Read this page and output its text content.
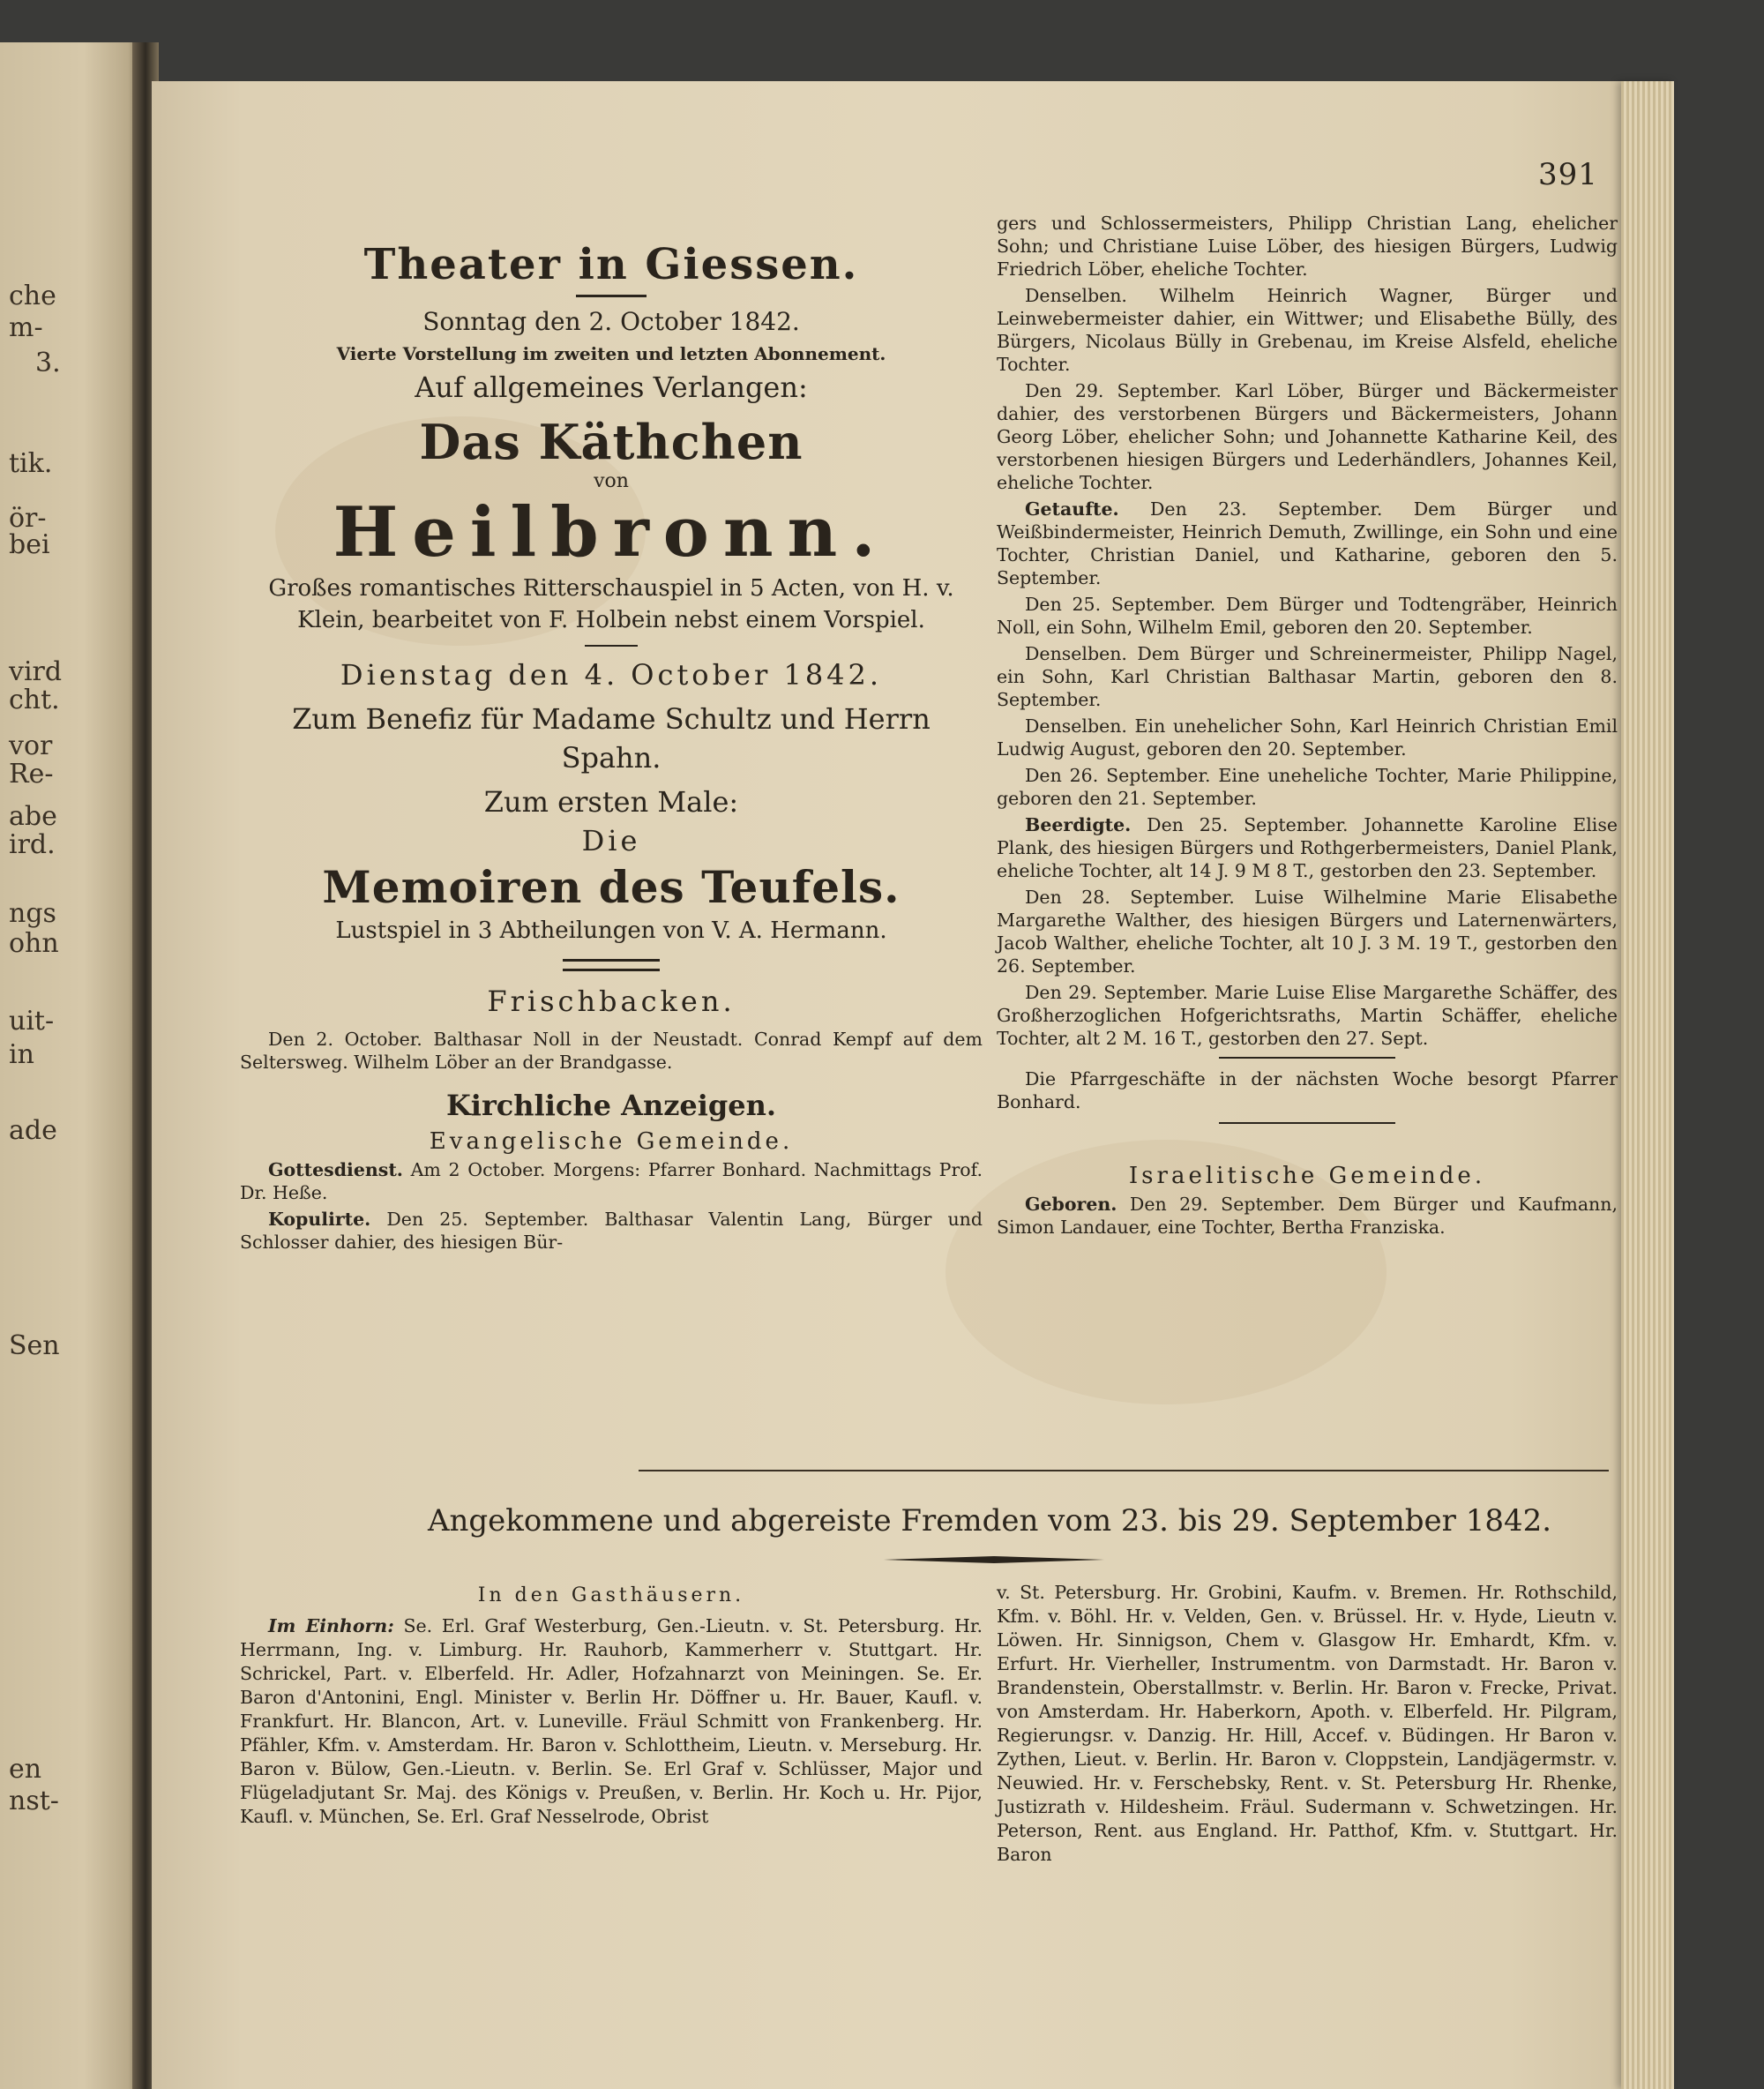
che
m-
3.
tik.
ör-
bei
vird
cht.
vor
Re-
abe
ird.
ngs
ohn
uit-
in
ade
Sen
en
nst-
391
Theater in Giessen.
Sonntag den 2. October 1842.
Vierte Vorstellung im zweiten und letzten Abonnement.
Auf allgemeines Verlangen:
Das Käthchen
von
Heilbronn.
Großes romantisches Ritterschauspiel in 5 Acten, von H. v. Klein, bearbeitet von F. Holbein nebst einem Vorspiel.
Dienstag den 4. October 1842.
Zum Benefiz für Madame Schultz und Herrn Spahn.
Zum ersten Male:
Die
Memoiren des Teufels.
Lustspiel in 3 Abtheilungen von V. A. Hermann.
Frischbacken.

Den 2. October. Balthasar Noll in der Neustadt. Conrad Kempf auf dem Seltersweg. Wilhelm Löber an der Brandgasse.

Kirchliche Anzeigen.
Evangelische Gemeinde.

Gottesdienst. Am 2 October. Morgens: Pfarrer Bonhard. Nachmittags Prof. Dr. Heße.

Kopulirte. Den 25. September. Balthasar Valentin Lang, Bürger und Schlosser dahier, des hiesigen Bür-

gers und Schlossermeisters, Philipp Christian Lang, ehelicher Sohn; und Christiane Luise Löber, des hiesigen Bürgers, Ludwig Friedrich Löber, eheliche Tochter.

Denselben. Wilhelm Heinrich Wagner, Bürger und Leinwebermeister dahier, ein Wittwer; und Elisabethe Bülly, des Bürgers, Nicolaus Bülly in Grebenau, im Kreise Alsfeld, eheliche Tochter.

Den 29. September. Karl Löber, Bürger und Bäckermeister dahier, des verstorbenen Bürgers und Bäckermeisters, Johann Georg Löber, ehelicher Sohn; und Johannette Katharine Keil, des verstorbenen hiesigen Bürgers und Lederhändlers, Johannes Keil, eheliche Tochter.

Getaufte. Den 23. September. Dem Bürger und Weißbindermeister, Heinrich Demuth, Zwillinge, ein Sohn und eine Tochter, Christian Daniel, und Katharine, geboren den 5. September.

Den 25. September. Dem Bürger und Todtengräber, Heinrich Noll, ein Sohn, Wilhelm Emil, geboren den 20. September.

Denselben. Dem Bürger und Schreinermeister, Philipp Nagel, ein Sohn, Karl Christian Balthasar Martin, geboren den 8. September.

Denselben. Ein unehelicher Sohn, Karl Heinrich Christian Emil Ludwig August, geboren den 20. September.

Den 26. September. Eine uneheliche Tochter, Marie Philippine, geboren den 21. September.

Beerdigte. Den 25. September. Johannette Karoline Elise Plank, des hiesigen Bürgers und Rothgerbermeisters, Daniel Plank, eheliche Tochter, alt 14 J. 9 M 8 T., gestorben den 23. September.

Den 28. September. Luise Wilhelmine Marie Elisabethe Margarethe Walther, des hiesigen Bürgers und Laternenwärters, Jacob Walther, eheliche Tochter, alt 10 J. 3 M. 19 T., gestorben den 26. September.

Den 29. September. Marie Luise Elise Margarethe Schäffer, des Großherzoglichen Hofgerichtsraths, Martin Schäffer, eheliche Tochter, alt 2 M. 16 T., gestorben den 27. Sept.

Die Pfarrgeschäfte in der nächsten Woche besorgt Pfarrer Bonhard.

Israelitische Gemeinde.

Geboren. Den 29. September. Dem Bürger und Kaufmann, Simon Landauer, eine Tochter, Bertha Franziska.

Angekommene und abgereiste Fremden vom 23. bis 29. September 1842.
In den Gasthäusern.

Im Einhorn: Se. Erl. Graf Westerburg, Gen.-Lieutn. v. St. Petersburg. Hr. Herrmann, Ing. v. Limburg. Hr. Rauhorb, Kammerherr v. Stuttgart. Hr. Schrickel, Part. v. Elberfeld. Hr. Adler, Hofzahnarzt von Meiningen. Se. Er. Baron d'Antonini, Engl. Minister v. Berlin Hr. Döffner u. Hr. Bauer, Kaufl. v. Frankfurt. Hr. Blancon, Art. v. Luneville. Fräul Schmitt von Frankenberg. Hr. Pfähler, Kfm. v. Amsterdam. Hr. Baron v. Schlottheim, Lieutn. v. Merseburg. Hr. Baron v. Bülow, Gen.-Lieutn. v. Berlin. Se. Erl Graf v. Schlüsser, Major und Flügeladjutant Sr. Maj. des Königs v. Preußen, v. Berlin. Hr. Koch u. Hr. Pijor, Kaufl. v. München, Se. Erl. Graf Nesselrode, Obrist

v. St. Petersburg. Hr. Grobini, Kaufm. v. Bremen. Hr. Rothschild, Kfm. v. Böhl. Hr. v. Velden, Gen. v. Brüssel. Hr. v. Hyde, Lieutn v. Löwen. Hr. Sinnigson, Chem v. Glasgow Hr. Emhardt, Kfm. v. Erfurt. Hr. Vierheller, Instrumentm. von Darmstadt. Hr. Baron v. Brandenstein, Oberstallmstr. v. Berlin. Hr. Baron v. Frecke, Privat. von Amsterdam. Hr. Haberkorn, Apoth. v. Elberfeld. Hr. Pilgram, Regierungsr. v. Danzig. Hr. Hill, Accef. v. Büdingen. Hr Baron v. Zythen, Lieut. v. Berlin. Hr. Baron v. Cloppstein, Landjägermstr. v. Neuwied. Hr. v. Ferschebsky, Rent. v. St. Petersburg Hr. Rhenke, Justizrath v. Hildesheim. Fräul. Sudermann v. Schwetzingen. Hr. Peterson, Rent. aus England. Hr. Patthof, Kfm. v. Stuttgart. Hr. Baron
